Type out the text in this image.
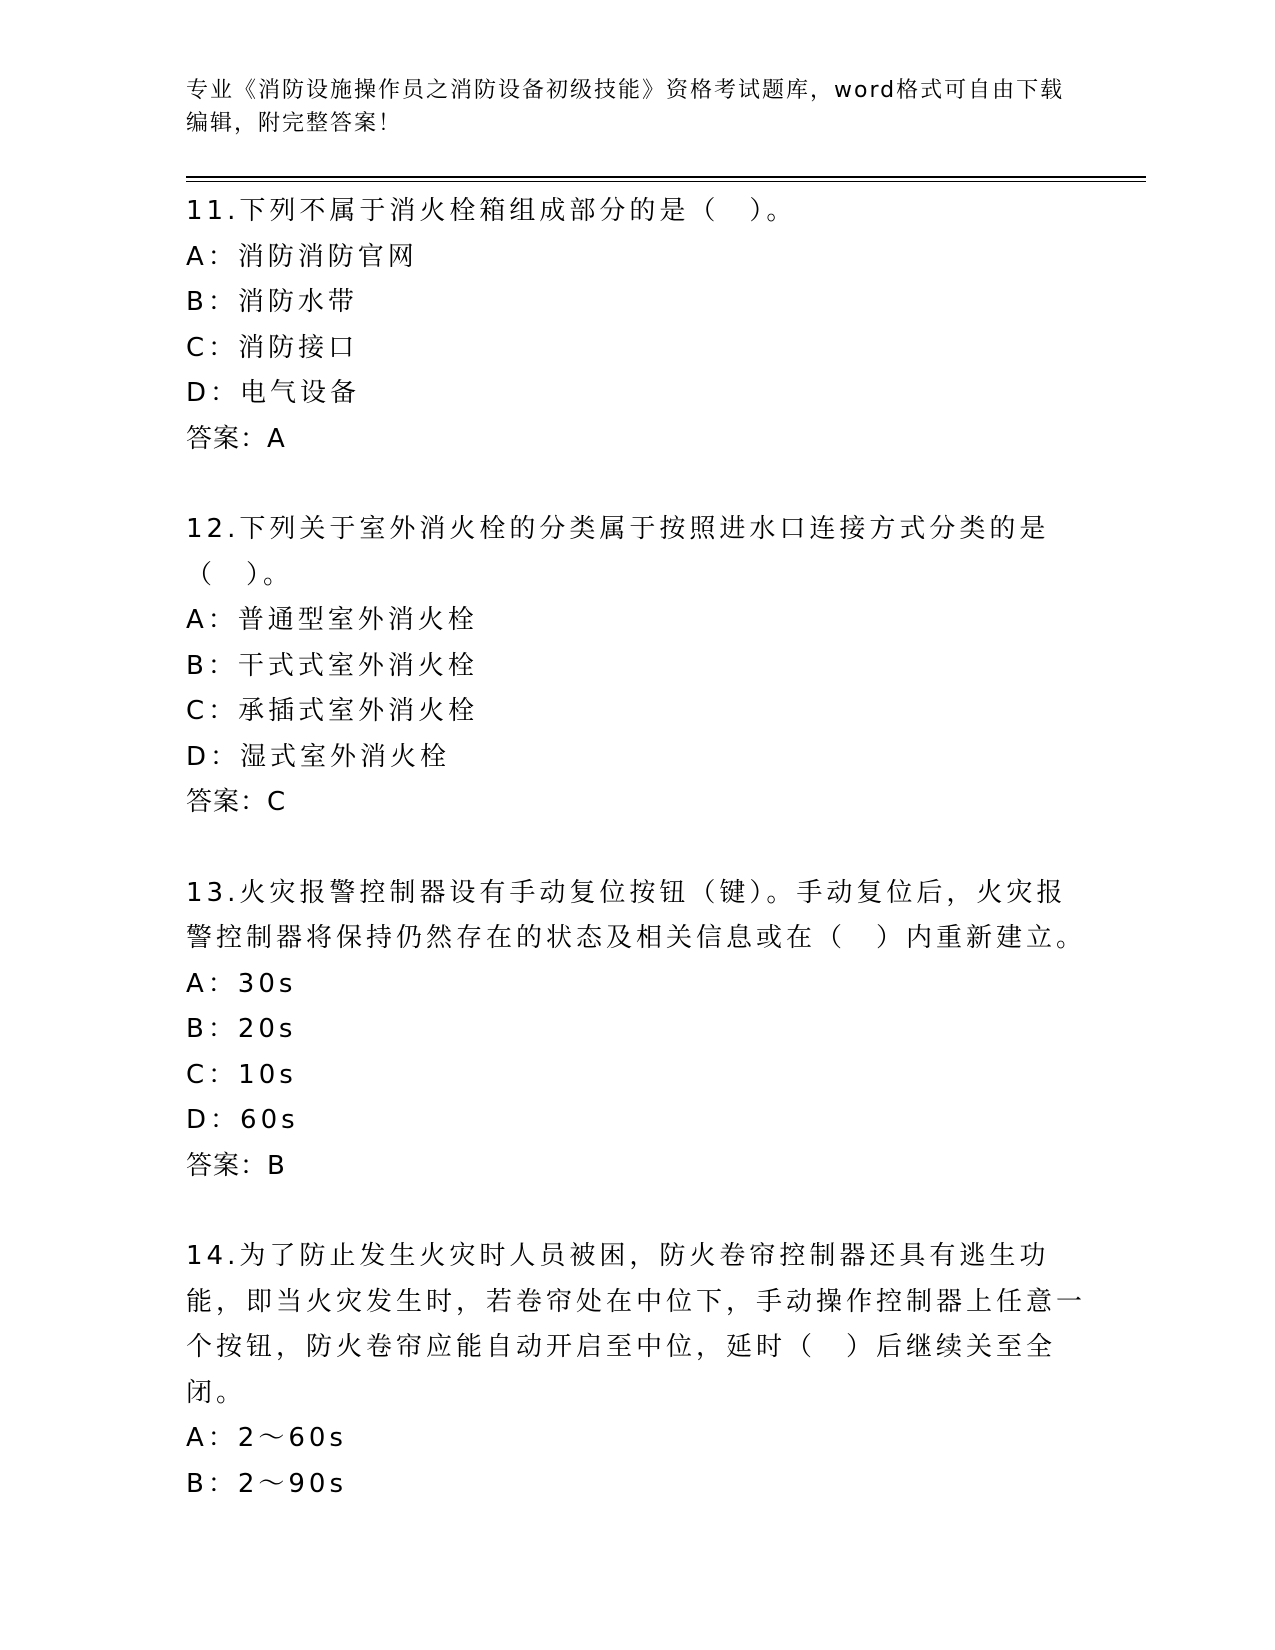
专业《消防设施操作员之消防设备初级技能》资格考试题库，word格式可自由下载编辑，附完整答案！

11.下列不属于消火栓箱组成部分的是（　）。

A：消防消防官网

B：消防水带

C：消防接口

D：电气设备

答案：A

12.下列关于室外消火栓的分类属于按照进水口连接方式分类的是（　）。

A：普通型室外消火栓

B：干式式室外消火栓

C：承插式室外消火栓

D：湿式室外消火栓

答案：C

13.火灾报警控制器设有手动复位按钮（键）。手动复位后，火灾报警控制器将保持仍然存在的状态及相关信息或在（　）内重新建立。

A：30s

B：20s

C：10s

D：60s

答案：B

14.为了防止发生火灾时人员被困，防火卷帘控制器还具有逃生功能，即当火灾发生时，若卷帘处在中位下，手动操作控制器上任意一个按钮，防火卷帘应能自动开启至中位，延时（　）后继续关至全闭。

A：2～60s

B：2～90s
